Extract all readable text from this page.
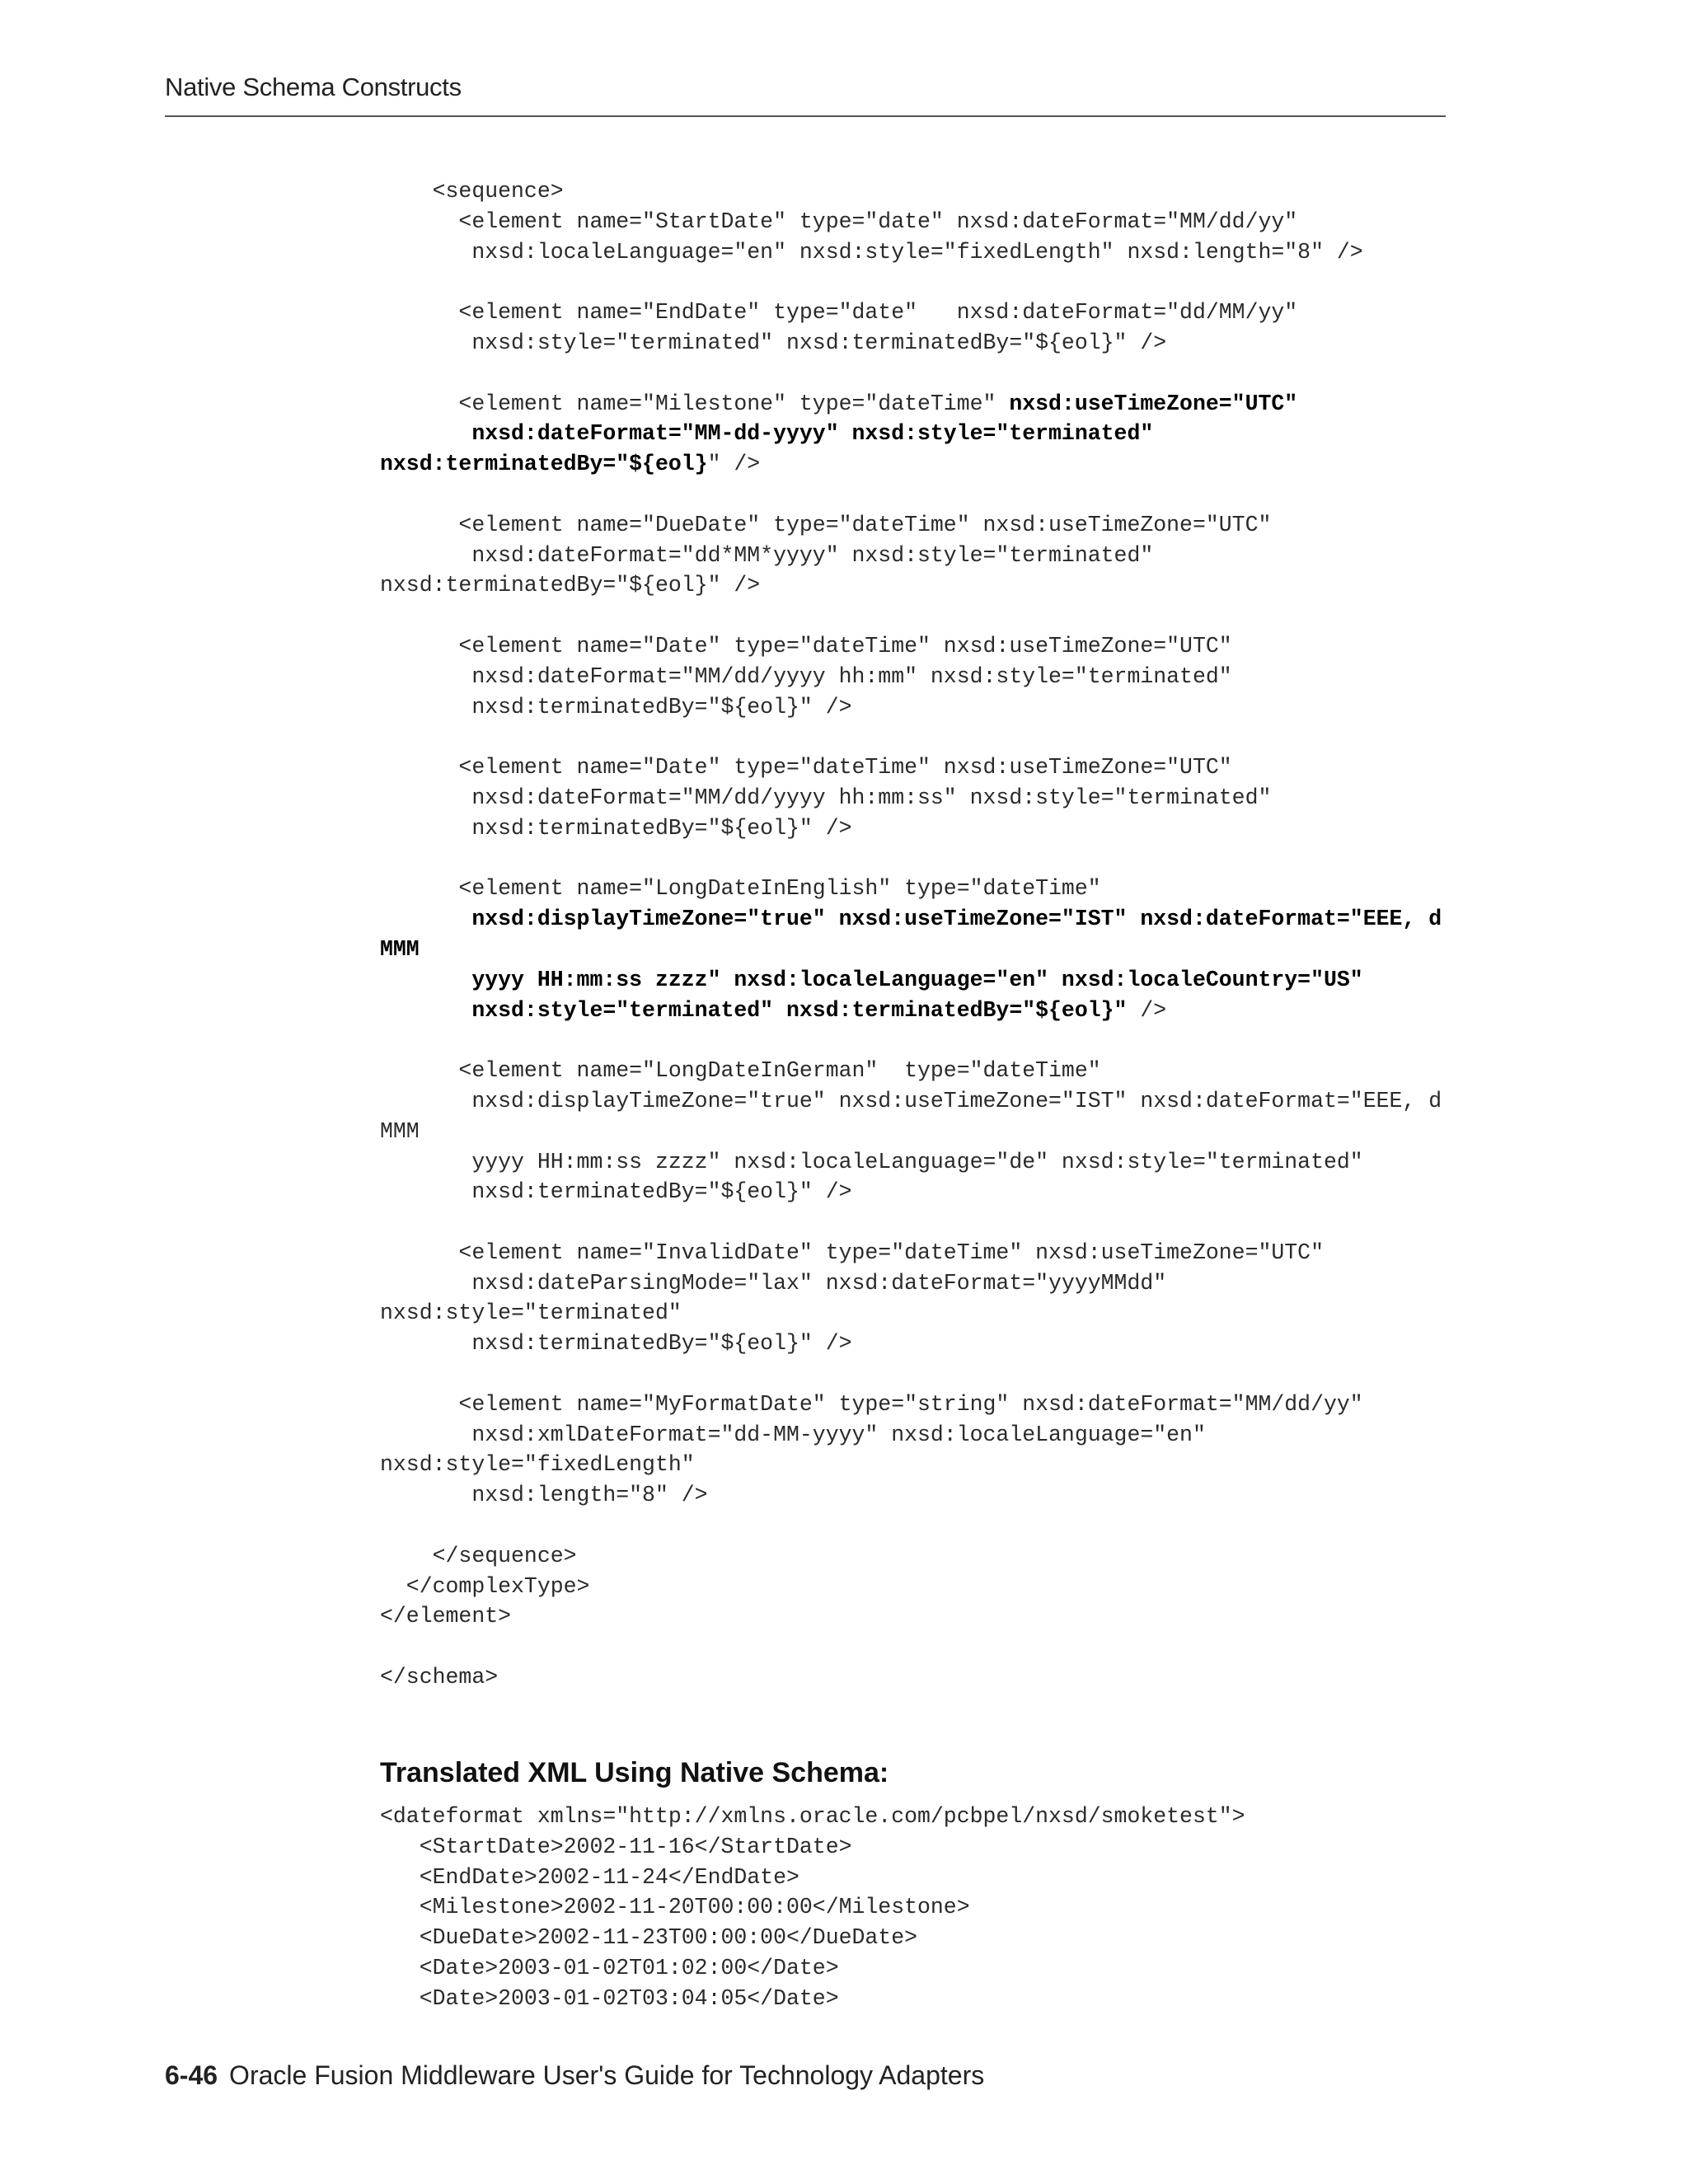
Native Schema Constructs
<sequence>
<element name="StartDate" type="date" nxsd:dateFormat="MM/dd/yy"
nxsd:localeLanguage="en" nxsd:style="fixedLength" nxsd:length="8" />
<element name="EndDate" type="date"   nxsd:dateFormat="dd/MM/yy"
nxsd:style="terminated" nxsd:terminatedBy="${eol}" />
<element name="Milestone" type="dateTime" nxsd:useTimeZone="UTC"
nxsd:dateFormat="MM-dd-yyyy" nxsd:style="terminated"
nxsd:terminatedBy="${eol}" />
<element name="DueDate" type="dateTime" nxsd:useTimeZone="UTC"
nxsd:dateFormat="dd*MM*yyyy" nxsd:style="terminated"
nxsd:terminatedBy="${eol}" />
<element name="Date" type="dateTime" nxsd:useTimeZone="UTC"
nxsd:dateFormat="MM/dd/yyyy hh:mm" nxsd:style="terminated"
nxsd:terminatedBy="${eol}" />
<element name="Date" type="dateTime" nxsd:useTimeZone="UTC"
nxsd:dateFormat="MM/dd/yyyy hh:mm:ss" nxsd:style="terminated"
nxsd:terminatedBy="${eol}" />
<element name="LongDateInEnglish" type="dateTime"
nxsd:displayTimeZone="true" nxsd:useTimeZone="IST" nxsd:dateFormat="EEE, d
MMM
yyyy HH:mm:ss zzzz" nxsd:localeLanguage="en" nxsd:localeCountry="US"
nxsd:style="terminated" nxsd:terminatedBy="${eol}" />
<element name="LongDateInGerman"  type="dateTime"
nxsd:displayTimeZone="true" nxsd:useTimeZone="IST" nxsd:dateFormat="EEE, d
MMM
yyyy HH:mm:ss zzzz" nxsd:localeLanguage="de" nxsd:style="terminated"
nxsd:terminatedBy="${eol}" />
<element name="InvalidDate" type="dateTime" nxsd:useTimeZone="UTC"
nxsd:dateParsingMode="lax" nxsd:dateFormat="yyyyMMdd"
nxsd:style="terminated"
nxsd:terminatedBy="${eol}" />
<element name="MyFormatDate" type="string" nxsd:dateFormat="MM/dd/yy"
nxsd:xmlDateFormat="dd-MM-yyyy" nxsd:localeLanguage="en"
nxsd:style="fixedLength"
nxsd:length="8" />
</sequence>
</complexType>
</element>
</schema>
Translated XML Using Native Schema:
<dateformat xmlns="http://xmlns.oracle.com/pcbpel/nxsd/smoketest">
<StartDate>2002-11-16</StartDate>
<EndDate>2002-11-24</EndDate>
<Milestone>2002-11-20T00:00:00</Milestone>
<DueDate>2002-11-23T00:00:00</DueDate>
<Date>2003-01-02T01:02:00</Date>
<Date>2003-01-02T03:04:05</Date>
6-46 Oracle Fusion Middleware User's Guide for Technology Adapters
